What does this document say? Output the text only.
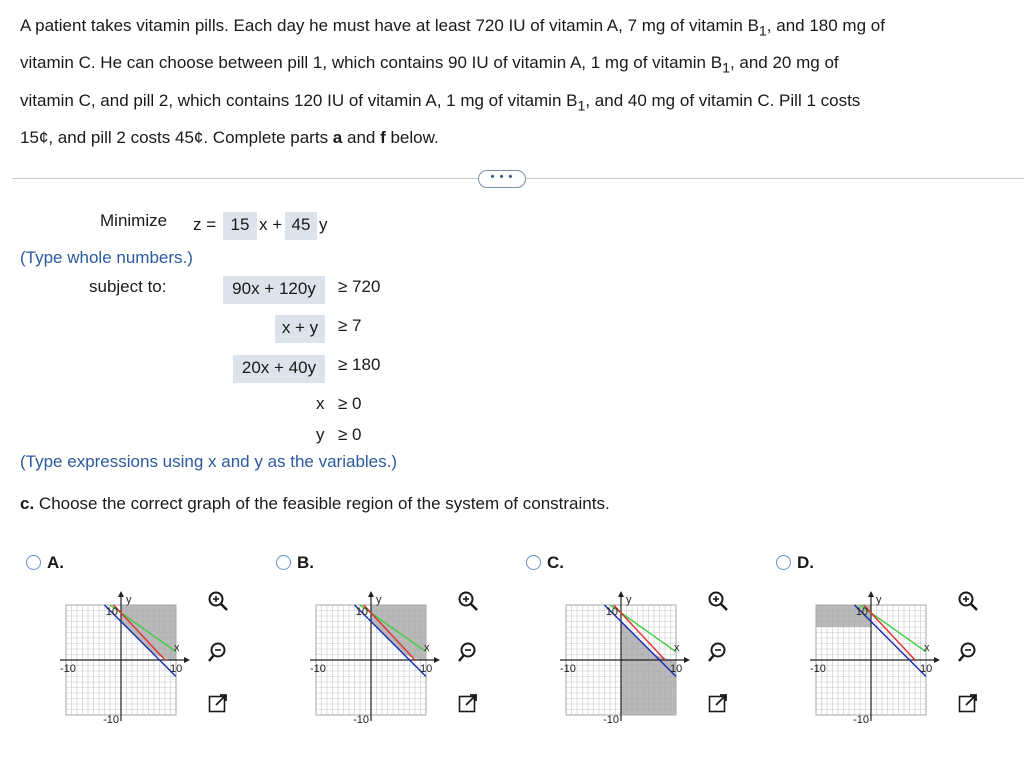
A patient takes vitamin pills. Each day he must have at least 720 IU of vitamin A, 7 mg of vitamin $B_1$, and 180 mg of
vitamin C. He can choose between pill 1, which contains 90 IU of vitamin A, 1 mg of vitamin $B_1$, and 20 mg of
vitamin C, and pill 2, which contains 120 IU of vitamin A, 1 mg of vitamin $B_1$, and 40 mg of vitamin C. Pill 1 costs
15¢, and pill 2 costs 45¢. Complete parts a and f below.
• • •
Minimize z = 15 x + 45 y
(Type whole numbers.)
subject to:	90x + 120y	≥ 720
x + y	≥ 7
20x + 40y	≥ 180
x ≥ 0
y ≥ 0
(Type expressions using x and y as the variables.)
c. Choose the correct graph of the feasible region of the system of constraints.
A.	B.	C.	D.
y
x
10
-10	10
-10
y
x
10
-10	10
-10
y
x
10
-10	10
-10
y
x
10
-10	10
-10
